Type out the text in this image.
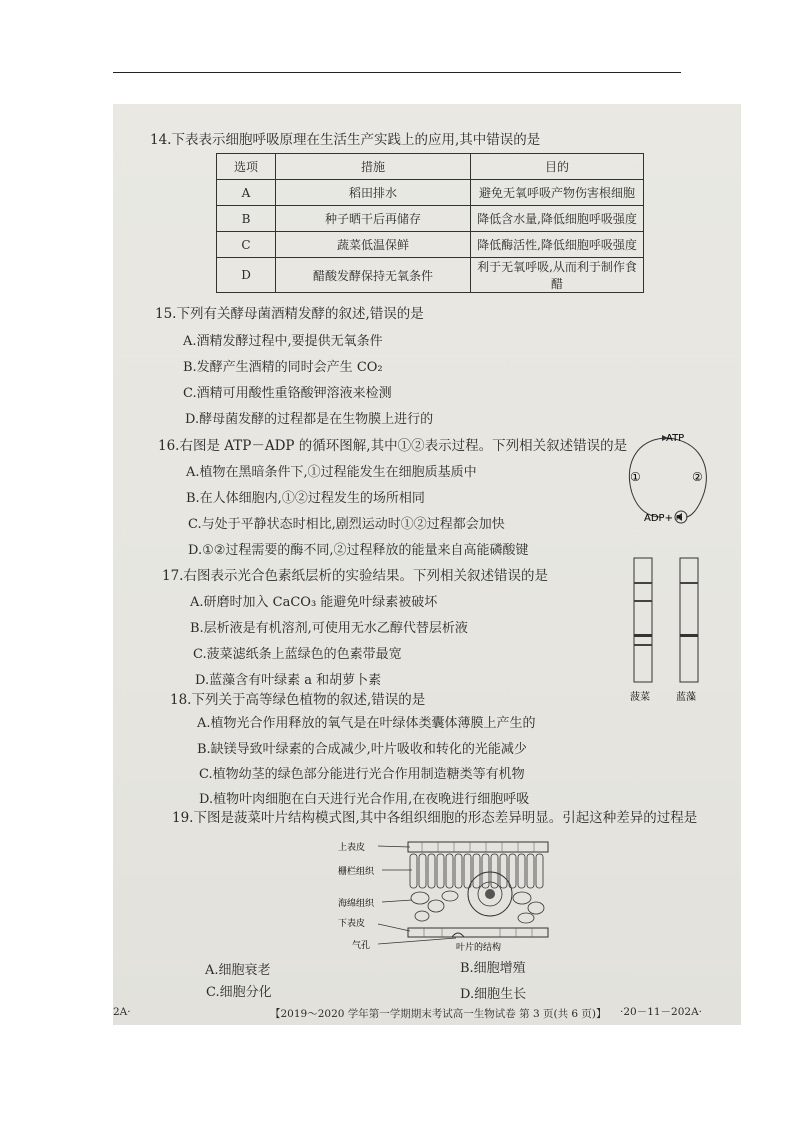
14.下表表示细胞呼吸原理在生活生产实践上的应用,其中错误的是
选项	措施	目的
A	稻田排水	避免无氧呼吸产物伤害根细胞
B	种子晒干后再储存	降低含水量,降低细胞呼吸强度
C	蔬菜低温保鲜	降低酶活性,降低细胞呼吸强度
D	醋酸发酵保持无氧条件	利于无氧呼吸,从而利于制作食醋
15.下列有关酵母菌酒精发酵的叙述,错误的是
A.酒精发酵过程中,要提供无氧条件
B.发酵产生酒精的同时会产生 CO₂
C.酒精可用酸性重铬酸钾溶液来检测
D.酵母菌发酵的过程都是在生物膜上进行的
16.右图是 ATP－ADP 的循环图解,其中①②表示过程。下列相关叙述错误的是
A.植物在黑暗条件下,①过程能发生在细胞质基质中
B.在人体细胞内,①②过程发生的场所相同
C.与处于平静状态时相比,剧烈运动时①②过程都会加快
D.①②过程需要的酶不同,②过程释放的能量来自高能磷酸键
ATP
①	②
ADP+ Pi
17.右图表示光合色素纸层析的实验结果。下列相关叙述错误的是
A.研磨时加入 CaCO₃ 能避免叶绿素被破坏
B.层析液是有机溶剂,可使用无水乙醇代替层析液
C.菠菜滤纸条上蓝绿色的色素带最宽
D.蓝藻含有叶绿素 a 和胡萝卜素
菠菜	蓝藻
18.下列关于高等绿色植物的叙述,错误的是
A.植物光合作用释放的氧气是在叶绿体类囊体薄膜上产生的
B.缺镁导致叶绿素的合成减少,叶片吸收和转化的光能减少
C.植物幼茎的绿色部分能进行光合作用制造糖类等有机物
D.植物叶肉细胞在白天进行光合作用,在夜晚进行细胞呼吸
19.下图是菠菜叶片结构模式图,其中各组织细胞的形态差异明显。引起这种差异的过程是
上表皮
栅栏组织
海绵组织
下表皮
气孔	叶片的结构
A.细胞衰老	B.细胞增殖
C.细胞分化	D.细胞生长
2A·	【2019～2020 学年第一学期期末考试高一生物试卷 第 3 页(共 6 页)】 ·20－11－202A·
